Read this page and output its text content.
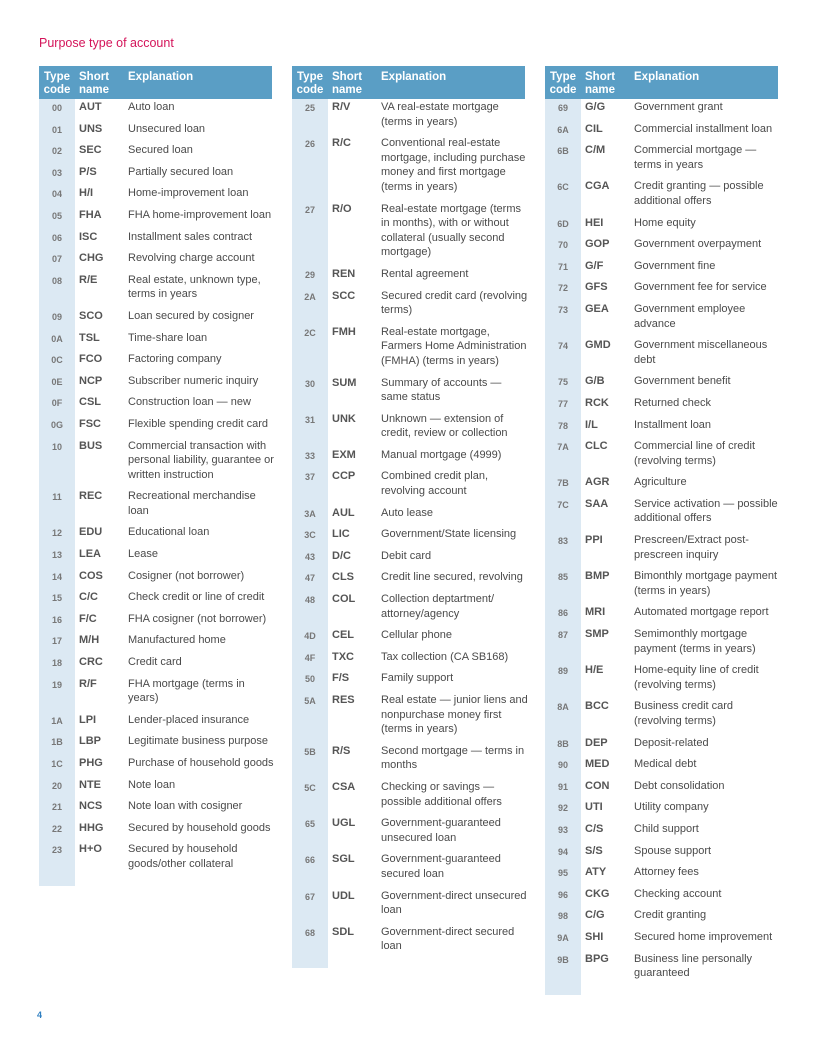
Purpose type of account
Type code	Short name	Explanation
00	AUT	Auto loan

01	UNS	Unsecured loan

02	SEC	Secured loan

03	P/S	Partially secured loan

04	H/I	Home-improvement loan

05	FHA	FHA home-improvement loan

06	ISC	Installment sales contract

07	CHG	Revolving charge account

08	R/E	Real estate, unknown type, terms in years

09	SCO	Loan secured by cosigner

0A	TSL	Time-share loan

0C	FCO	Factoring company

0E	NCP	Subscriber numeric inquiry

0F	CSL	Construction loan — new

0G	FSC	Flexible spending credit card

10	BUS	Commercial transaction with personal liability, guarantee or written instruction

11	REC	Recreational merchandise loan

12	EDU	Educational loan

13	LEA	Lease

14	COS	Cosigner (not borrower)

15	C/C	Check credit or line of credit

16	F/C	FHA cosigner (not borrower)

17	M/H	Manufactured home

18	CRC	Credit card

19	R/F	FHA mortgage (terms in years)

1A	LPI	Lender-placed insurance

1B	LBP	Legitimate business purpose

1C	PHG	Purchase of household goods

20	NTE	Note loan

21	NCS	Note loan with cosigner

22	HHG	Secured by household goods

23	H+O	Secured by household goods/other collateral

Type code	Short name	Explanation
25	R/V	VA real-estate mortgage (terms in years)

26	R/C	Conventional real-estate mortgage, including purchase money and first mortgage (terms in years)

27	R/O	Real-estate mortgage (terms in months), with or without collateral (usually second mortgage)

29	REN	Rental agreement

2A	SCC	Secured credit card (revolving terms)

2C	FMH	Real-estate mortgage, Farmers Home Administration (FMHA) (terms in years)

30	SUM	Summary of accounts — same status

31	UNK	Unknown — extension of credit, review or collection

33	EXM	Manual mortgage (4999)

37	CCP	Combined credit plan, revolving account

3A	AUL	Auto lease

3C	LIC	Government/State licensing

43	D/C	Debit card

47	CLS	Credit line secured, revolving

48	COL	Collection deptartment/ attorney/agency

4D	CEL	Cellular phone

4F	TXC	Tax collection (CA SB168)

50	F/S	Family support

5A	RES	Real estate — junior liens and nonpurchase money first (terms in years)

5B	R/S	Second mortgage — terms in months

5C	CSA	Checking or savings — possible additional offers

65	UGL	Government-guaranteed unsecured loan

66	SGL	Government-guaranteed secured loan

67	UDL	Government-direct unsecured loan

68	SDL	Government-direct secured loan

Type code	Short name	Explanation
69	G/G	Government grant

6A	CIL	Commercial installment loan

6B	C/M	Commercial mortgage — terms in years

6C	CGA	Credit granting — possible additional offers

6D	HEI	Home equity

70	GOP	Government overpayment

71	G/F	Government fine

72	GFS	Government fee for service

73	GEA	Government employee advance

74	GMD	Government miscellaneous debt

75	G/B	Government benefit

77	RCK	Returned check

78	I/L	Installment loan

7A	CLC	Commercial line of credit (revolving terms)

7B	AGR	Agriculture

7C	SAA	Service activation — possible additional offers

83	PPI	Prescreen/Extract post-prescreen inquiry

85	BMP	Bimonthly mortgage payment (terms in years)

86	MRI	Automated mortgage report

87	SMP	Semimonthly mortgage payment (terms in years)

89	H/E	Home-equity line of credit (revolving terms)

8A	BCC	Business credit card (revolving terms)

8B	DEP	Deposit-related

90	MED	Medical debt

91	CON	Debt consolidation

92	UTI	Utility company

93	C/S	Child support

94	S/S	Spouse support

95	ATY	Attorney fees

96	CKG	Checking account

98	C/G	Credit granting

9A	SHI	Secured home improvement

9B	BPG	Business line personally guaranteed

4
